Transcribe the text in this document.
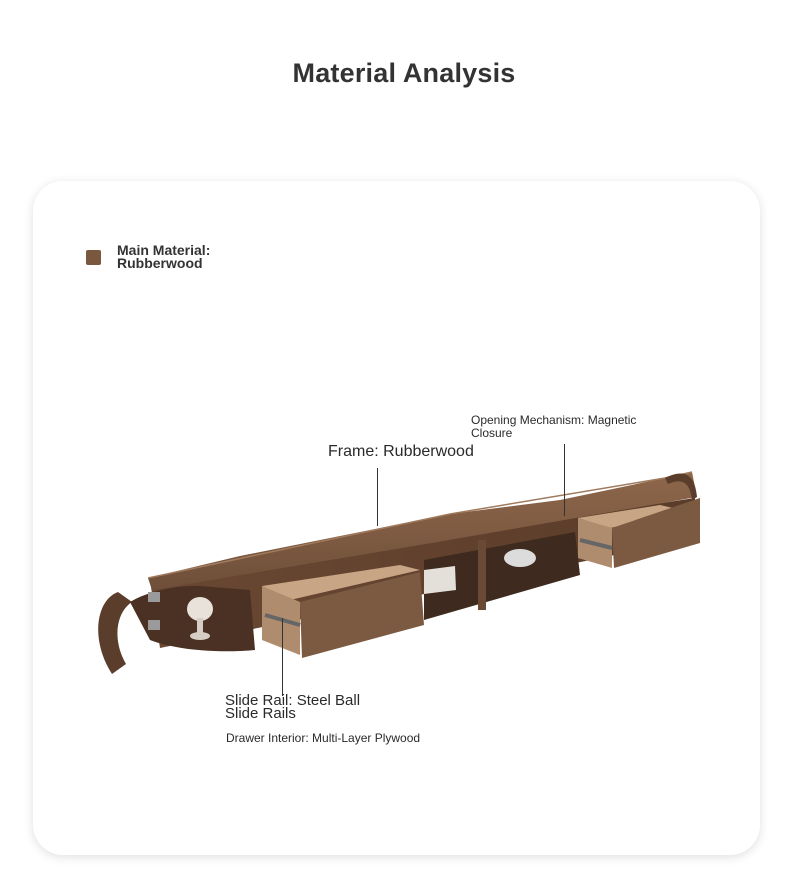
Material Analysis
Main Material: Rubberwood
Frame: Rubberwood
Opening Mechanism: Magnetic Closure
Slide Rail: Steel Ball Slide Rails
Drawer Interior: Multi-Layer Plywood
